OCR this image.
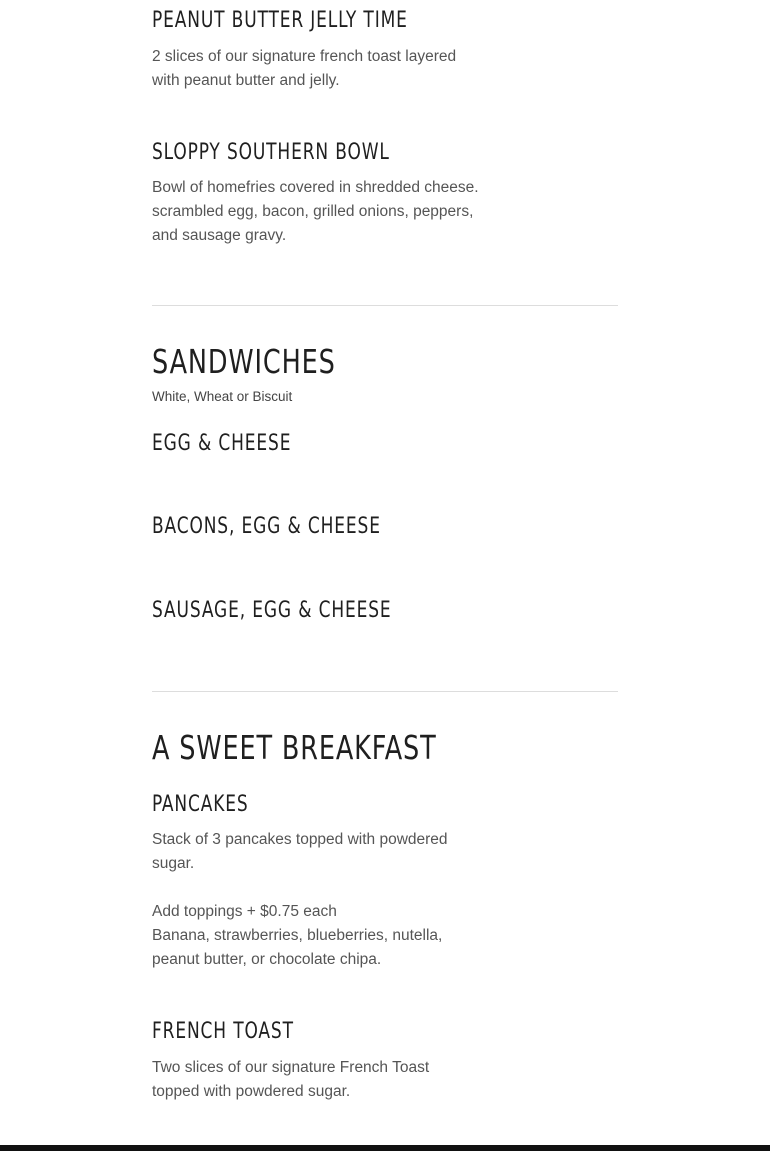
PEANUT BUTTER JELLY TIME

2 slices of our signature french toast layered
with peanut butter and jelly.

SLOPPY SOUTHERN BOWL

Bowl of homefries covered in shredded cheese.
scrambled egg, bacon, grilled onions, peppers,
and sausage gravy.

SANDWICHES

White, Wheat or Biscuit

EGG & CHEESE
BACONS, EGG & CHEESE
SAUSAGE, EGG & CHEESE
A SWEET BREAKFAST
PANCAKES

Stack of 3 pancakes topped with powdered
sugar.

Add toppings + $0.75 each
Banana, strawberries, blueberries, nutella,
peanut butter, or chocolate chipa.

FRENCH TOAST

Two slices of our signature French Toast
topped with powdered sugar.
